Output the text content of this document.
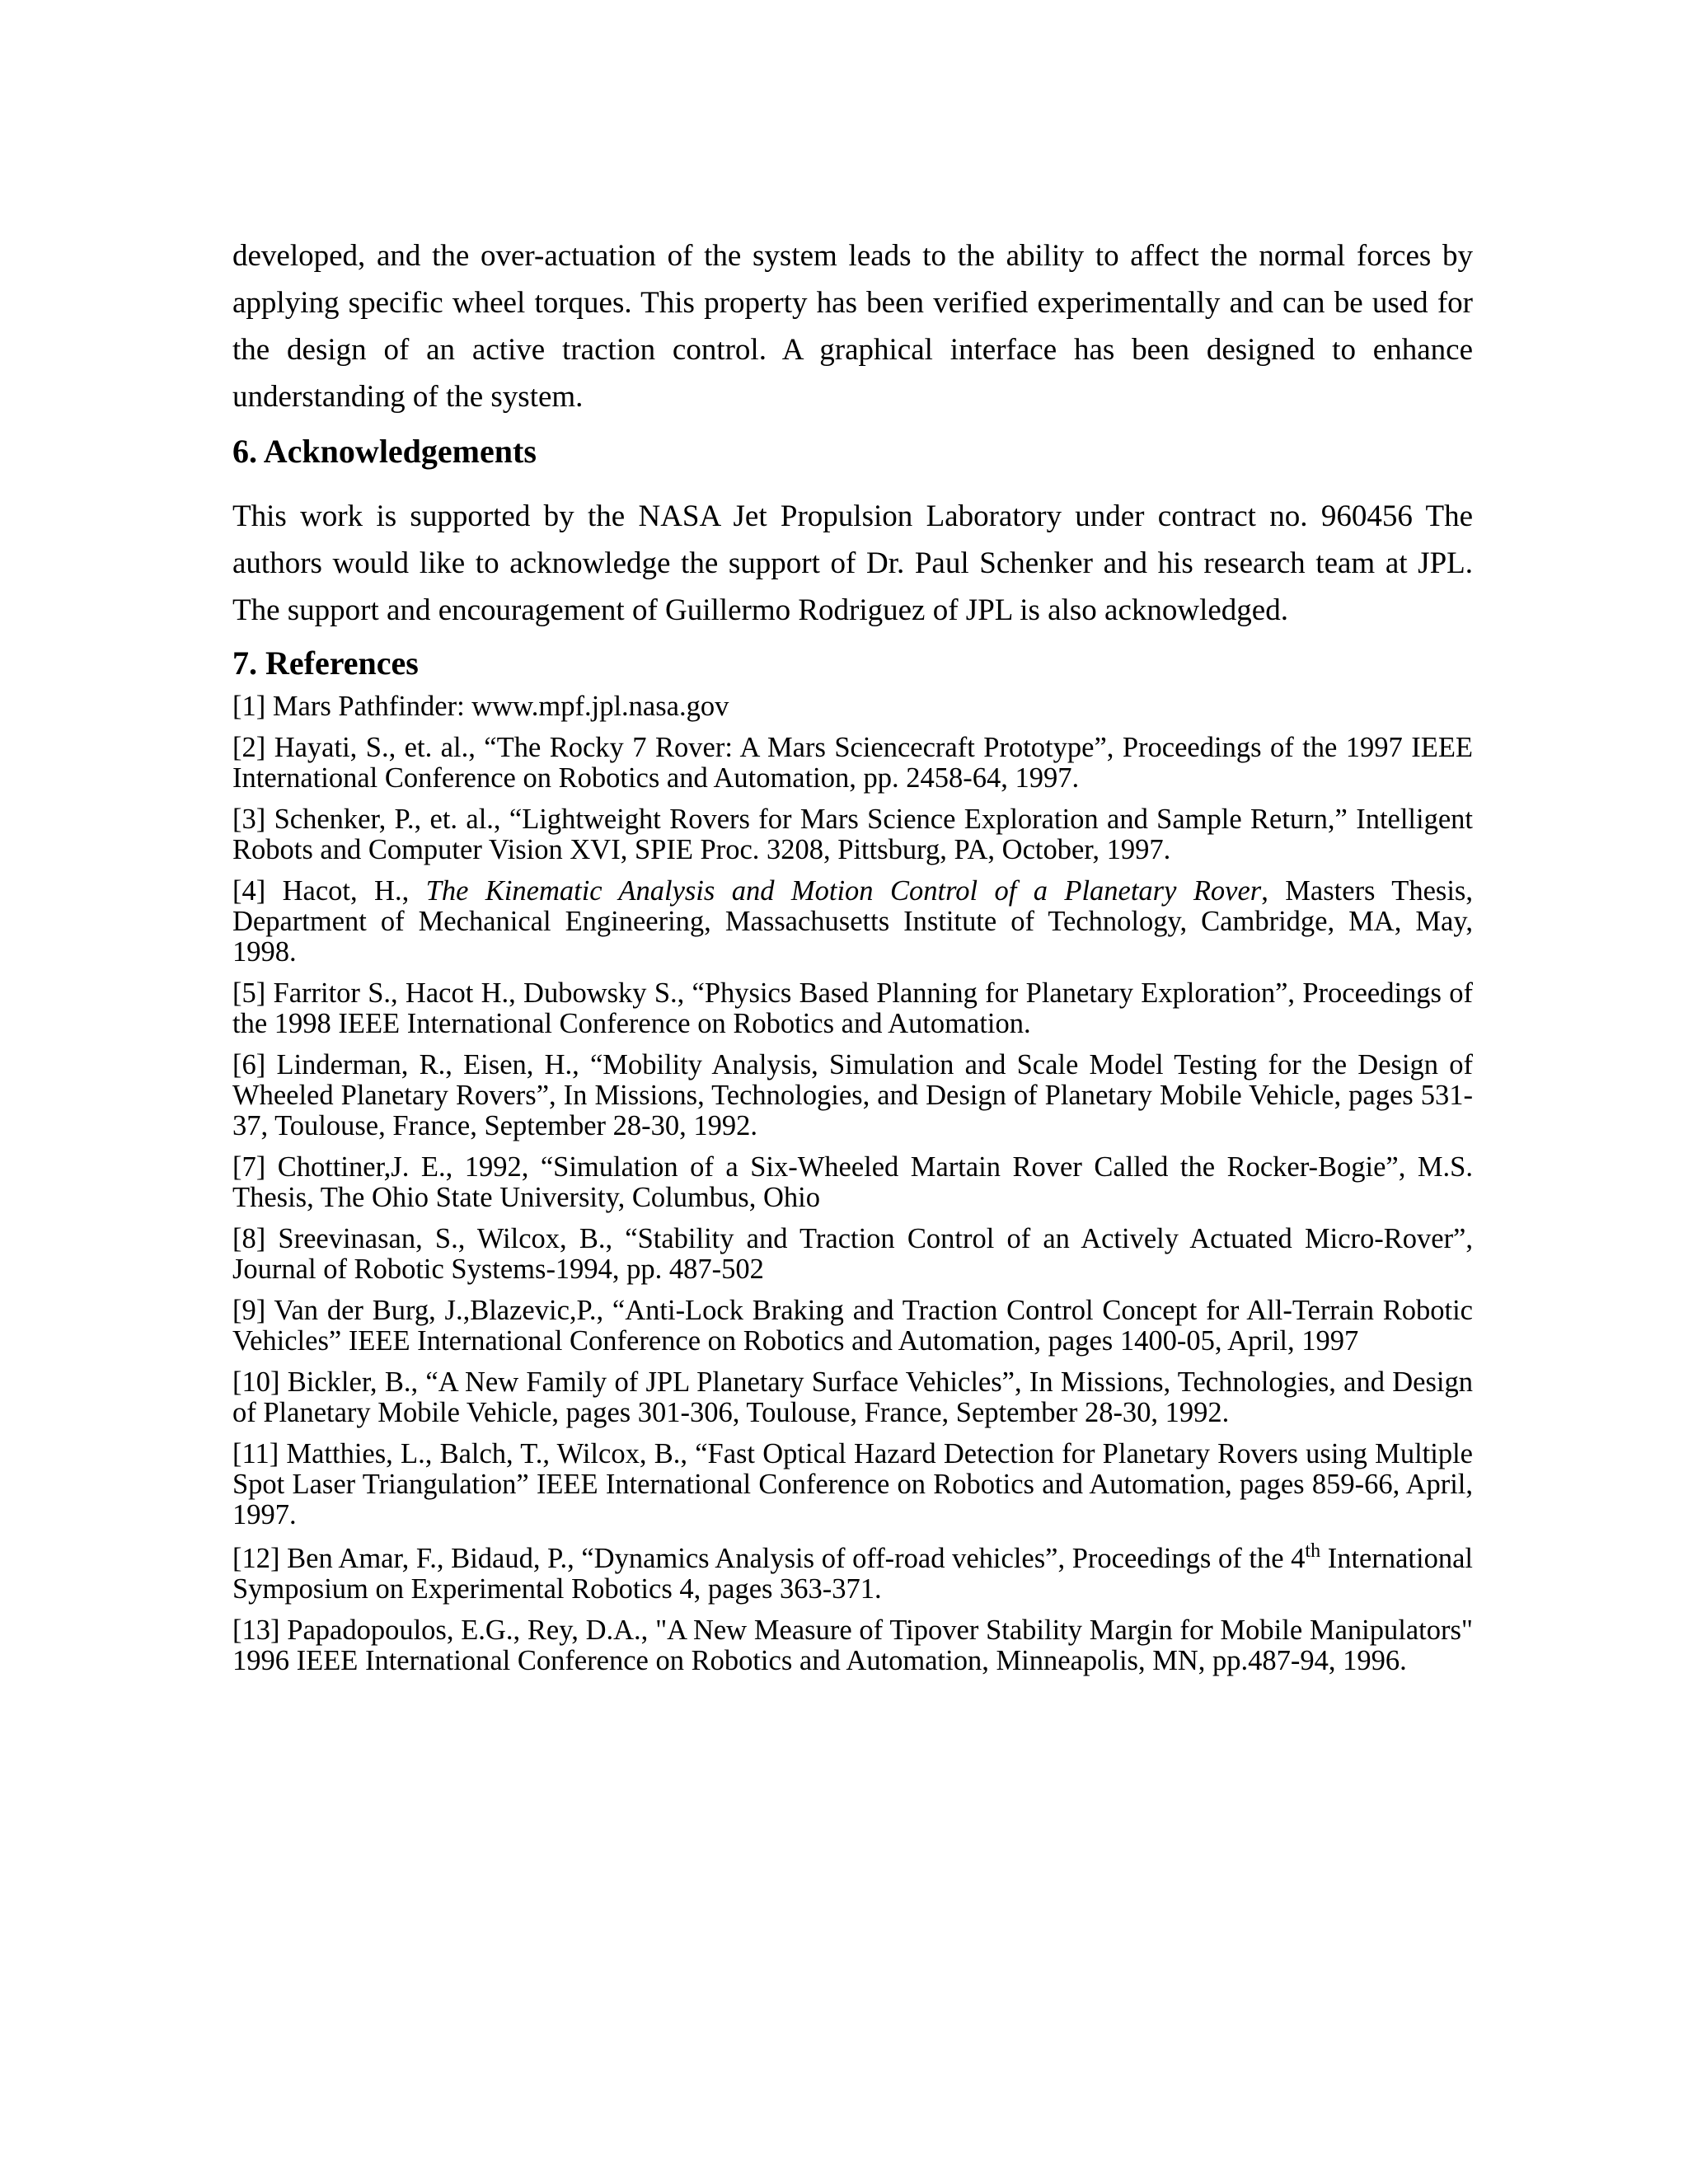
developed, and the over-actuation of the system leads to the ability to affect the normal forces by applying specific wheel torques. This property has been verified experimentally and can be used for the design of an active traction control. A graphical interface has been designed to enhance understanding of the system.

6. Acknowledgements

This work is supported by the NASA Jet Propulsion Laboratory under contract no. 960456 The authors would like to acknowledge the support of Dr. Paul Schenker and his research team at JPL. The support and encouragement of Guillermo Rodriguez of JPL is also acknowledged.

7. References

[1] Mars Pathfinder: www.mpf.jpl.nasa.gov

[2] Hayati, S., et. al., “The Rocky 7 Rover: A Mars Sciencecraft Prototype”, Proceedings of the 1997 IEEE International Conference on Robotics and Automation, pp. 2458-64, 1997.

[3] Schenker, P., et. al., “Lightweight Rovers for Mars Science Exploration and Sample Return,” Intelligent Robots and Computer Vision XVI, SPIE Proc. 3208, Pittsburg, PA, October, 1997.

[4] Hacot, H., The Kinematic Analysis and Motion Control of a Planetary Rover, Masters Thesis, Department of Mechanical Engineering, Massachusetts Institute of Technology, Cambridge, MA, May, 1998.

[5] Farritor S., Hacot H., Dubowsky S., “Physics Based Planning for Planetary Exploration”, Proceedings of the 1998 IEEE International Conference on Robotics and Automation.

[6] Linderman, R., Eisen, H., “Mobility Analysis, Simulation and Scale Model Testing for the Design of Wheeled Planetary Rovers”, In Missions, Technologies, and Design of Planetary Mobile Vehicle, pages 531-37, Toulouse, France, September 28-30, 1992.

[7] Chottiner,J. E., 1992, “Simulation of a Six-Wheeled Martain Rover Called the Rocker-Bogie”, M.S. Thesis, The Ohio State University, Columbus, Ohio

[8] Sreevinasan, S., Wilcox, B., “Stability and Traction Control of an Actively Actuated Micro-Rover”, Journal of Robotic Systems-1994, pp. 487-502

[9] Van der Burg, J.,Blazevic,P., “Anti-Lock Braking and Traction Control Concept for All-Terrain Robotic Vehicles” IEEE International Conference on Robotics and Automation, pages 1400-05, April, 1997

[10] Bickler, B., “A New Family of JPL Planetary Surface Vehicles”, In Missions, Technologies, and Design of Planetary Mobile Vehicle, pages 301-306, Toulouse, France, September 28-30, 1992.

[11] Matthies, L., Balch, T., Wilcox, B., “Fast Optical Hazard Detection for Planetary Rovers using Multiple Spot Laser Triangulation” IEEE International Conference on Robotics and Automation, pages 859-66, April, 1997.

[12] Ben Amar, F., Bidaud, P., “Dynamics Analysis of off-road vehicles”, Proceedings of the 4th International Symposium on Experimental Robotics 4, pages 363-371.

[13] Papadopoulos, E.G., Rey, D.A., "A New Measure of Tipover Stability Margin for Mobile Manipulators" 1996 IEEE International Conference on Robotics and Automation, Minneapolis, MN, pp.487-94, 1996.
